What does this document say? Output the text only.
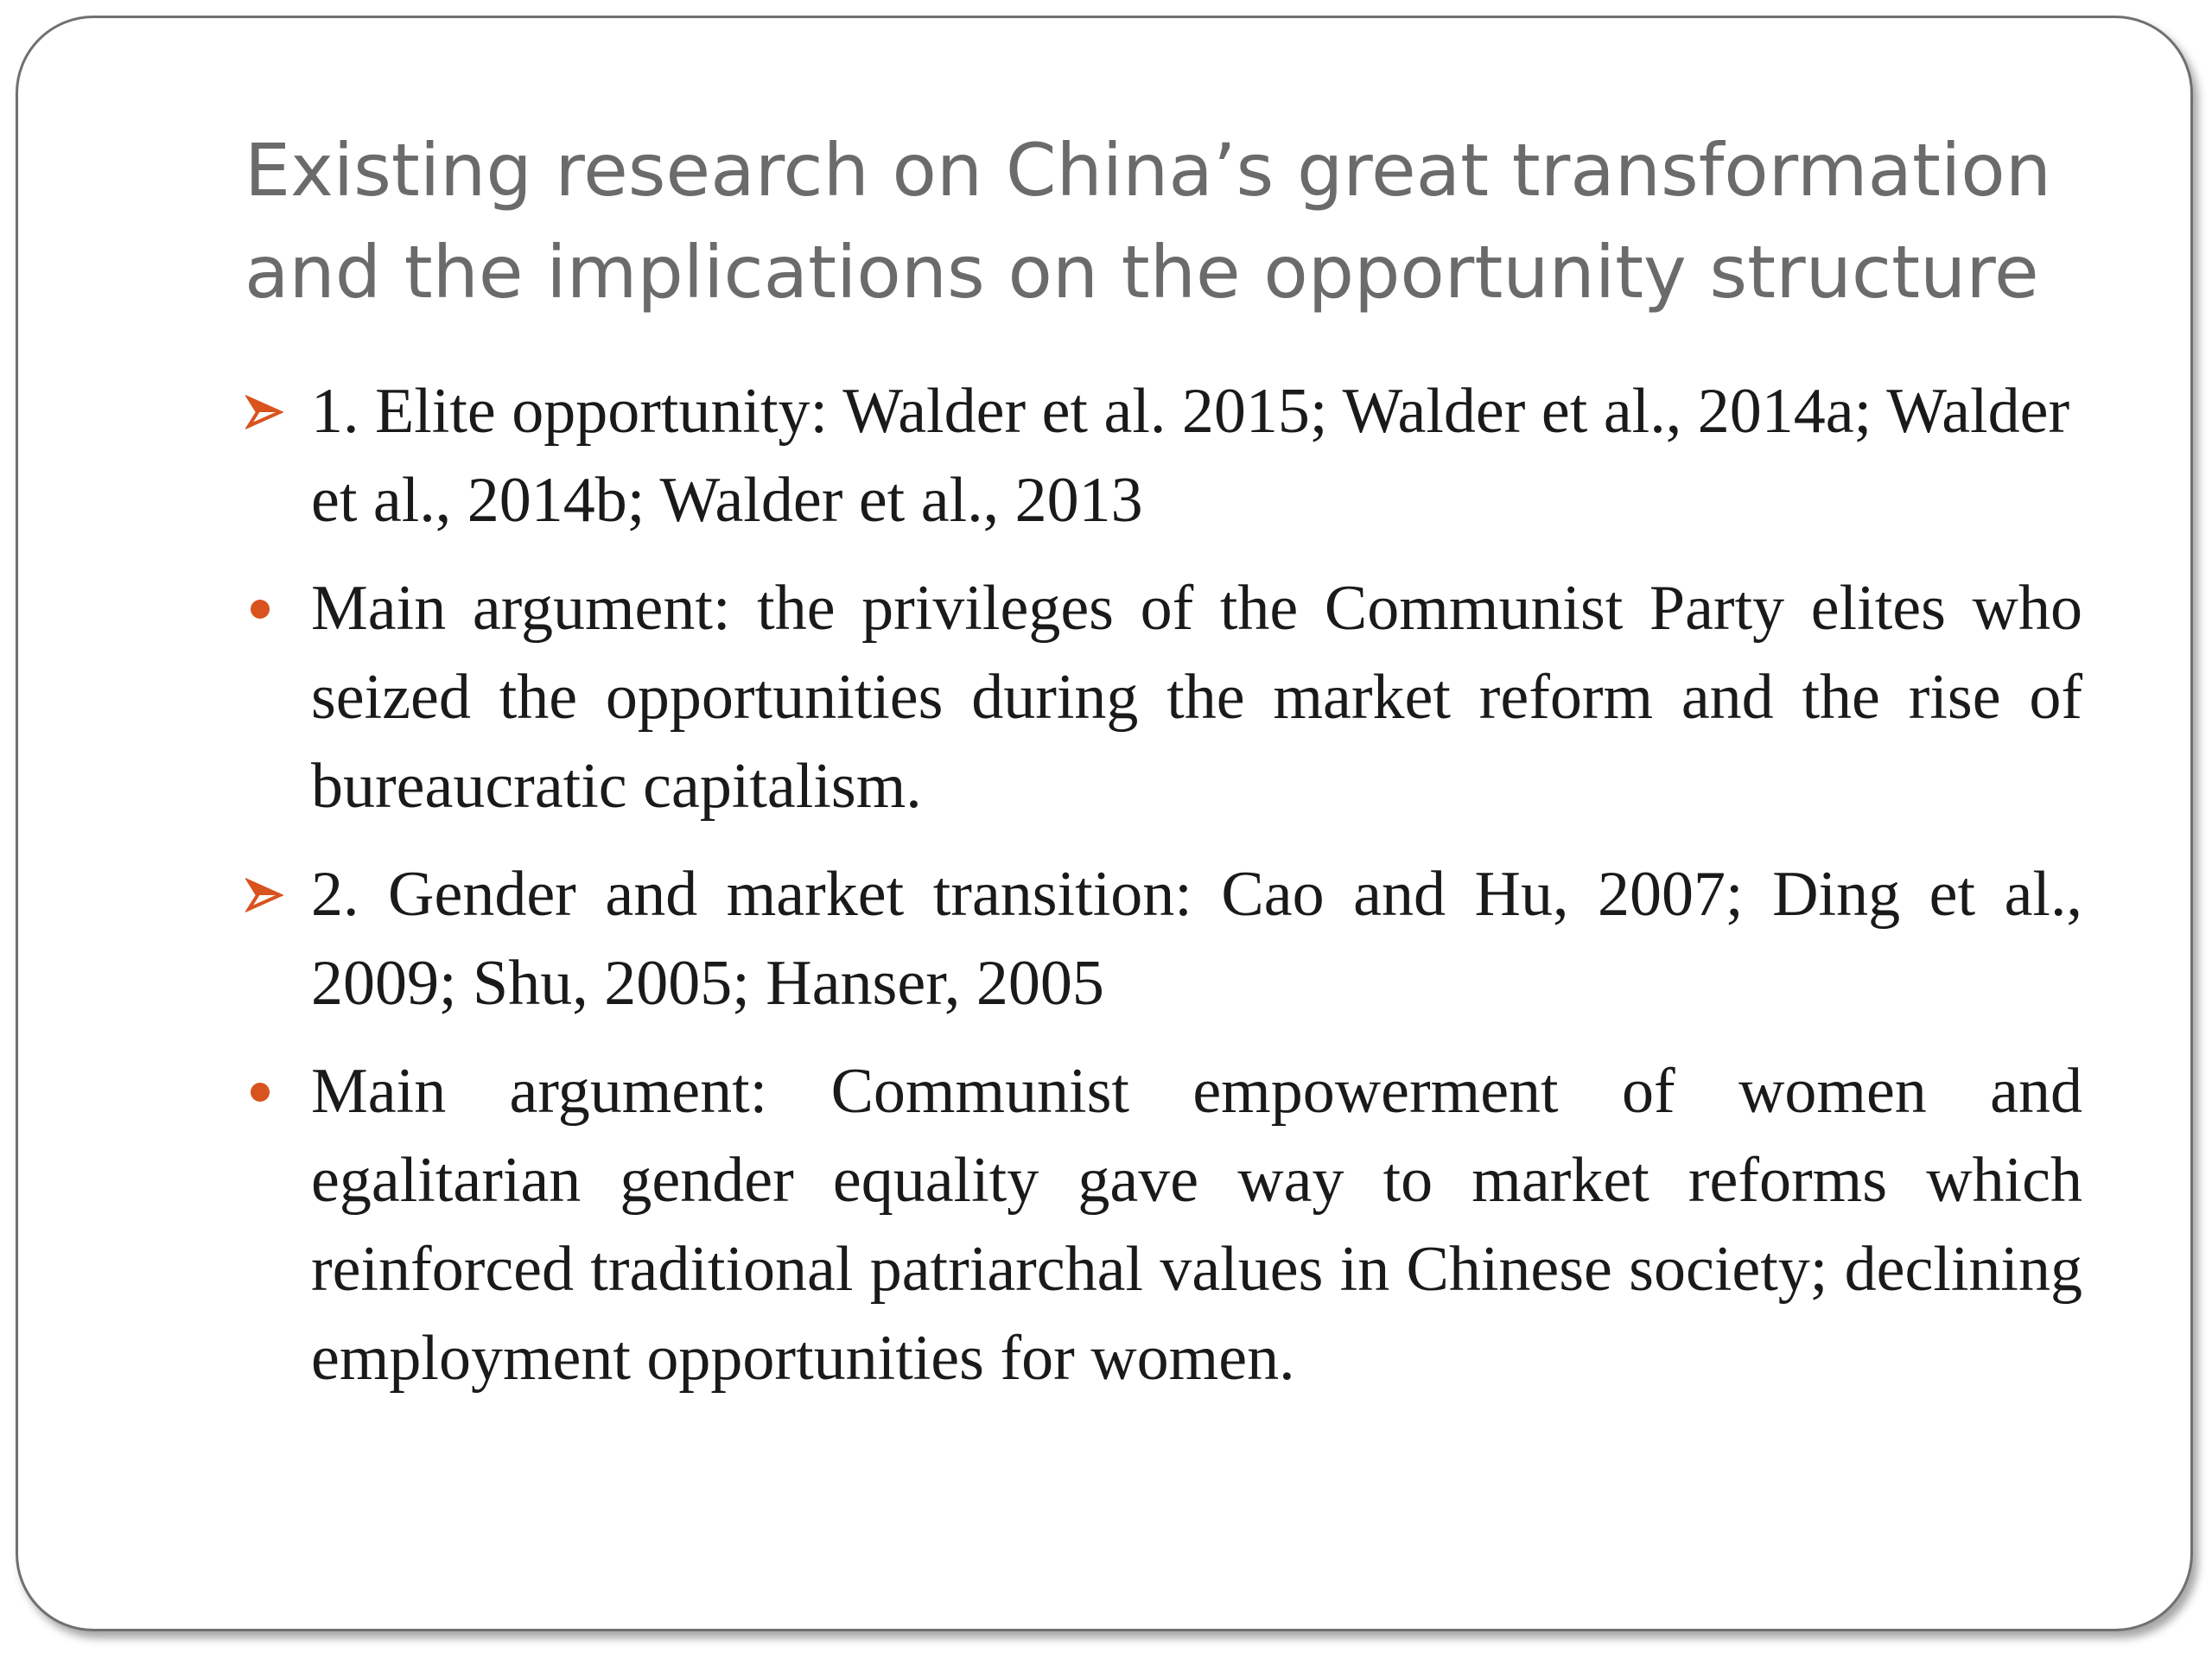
Existing research on China’s great transformation
and the implications on the opportunity structure
1. Elite opportunity: Walder et al. 2015; Walder et al., 2014a; Walder et al., 2014b; Walder et al., 2013
Main argument: the privileges of the Communist Party elites who seized the opportunities during the market reform and the rise of bureaucratic capitalism.
2. Gender and market transition: Cao and Hu, 2007; Ding et al., 2009; Shu, 2005; Hanser, 2005
Main argument: Communist empowerment of women and egalitarian gender equality gave way to market reforms which reinforced traditional patriarchal values in Chinese society; declining employment opportunities for women.
